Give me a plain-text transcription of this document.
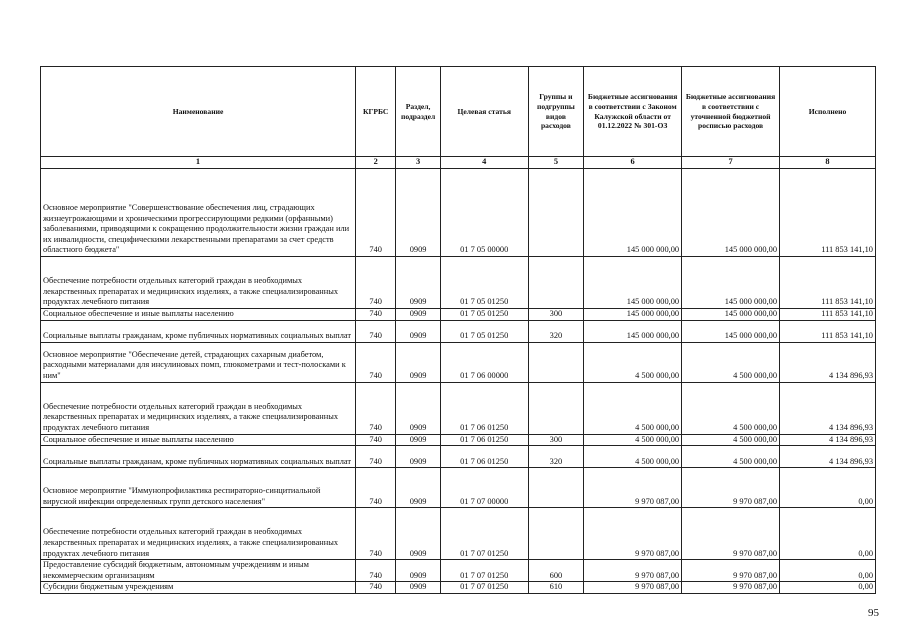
Наименование	КГРБС	Раздел, подраздел	Целевая статья	Группы и подгруппы видов расходов	Бюджетные ассигнования в соответствии с Законом Калужской области от 01.12.2022 № 301-ОЗ	Бюджетные ассигнования в соответствии с уточненной бюджетной росписью расходов	Исполнено
1	2	3	4	5	6	7	8
Основное мероприятие "Совершенствование обеспечения лиц, страдающих жизнеугрожающими и хроническими прогрессирующими редкими (орфанными) заболеваниями, приводящими к сокращению продолжительности жизни граждан или их инвалидности, специфическими лекарственными препаратами за счет средств областного бюджета"	740	0909	01 7 05 00000		145 000 000,00	145 000 000,00	111 853 141,10
Обеспечение потребности отдельных категорий граждан в необходимых лекарственных препаратах и медицинских изделиях, а также специализированных продуктах лечебного питания	740	0909	01 7 05 01250		145 000 000,00	145 000 000,00	111 853 141,10
Социальное обеспечение и иные выплаты населению	740	0909	01 7 05 01250	300	145 000 000,00	145 000 000,00	111 853 141,10
Социальные выплаты гражданам, кроме публичных нормативных социальных выплат	740	0909	01 7 05 01250	320	145 000 000,00	145 000 000,00	111 853 141,10
Основное мероприятие "Обеспечение детей, страдающих сахарным диабетом, расходными материалами для инсулиновых помп, глюкометрами и тест-полосками к ним"	740	0909	01 7 06 00000		4 500 000,00	4 500 000,00	4 134 896,93
Обеспечение потребности отдельных категорий граждан в необходимых лекарственных препаратах и медицинских изделиях, а также специализированных продуктах лечебного питания	740	0909	01 7 06 01250		4 500 000,00	4 500 000,00	4 134 896,93
Социальное обеспечение и иные выплаты населению	740	0909	01 7 06 01250	300	4 500 000,00	4 500 000,00	4 134 896,93
Социальные выплаты гражданам, кроме публичных нормативных социальных выплат	740	0909	01 7 06 01250	320	4 500 000,00	4 500 000,00	4 134 896,93
Основное мероприятие "Иммунопрофилактика респираторно-синцитиальной вирусной инфекции определенных групп детского населения"	740	0909	01 7 07 00000		9 970 087,00	9 970 087,00	0,00
Обеспечение потребности отдельных категорий граждан в необходимых лекарственных препаратах и медицинских изделиях, а также специализированных продуктах лечебного питания	740	0909	01 7 07 01250		9 970 087,00	9 970 087,00	0,00
Предоставление субсидий бюджетным, автономным учреждениям и иным некоммерческим организациям	740	0909	01 7 07 01250	600	9 970 087,00	9 970 087,00	0,00
Субсидии бюджетным учреждениям	740	0909	01 7 07 01250	610	9 970 087,00	9 970 087,00	0,00
95
